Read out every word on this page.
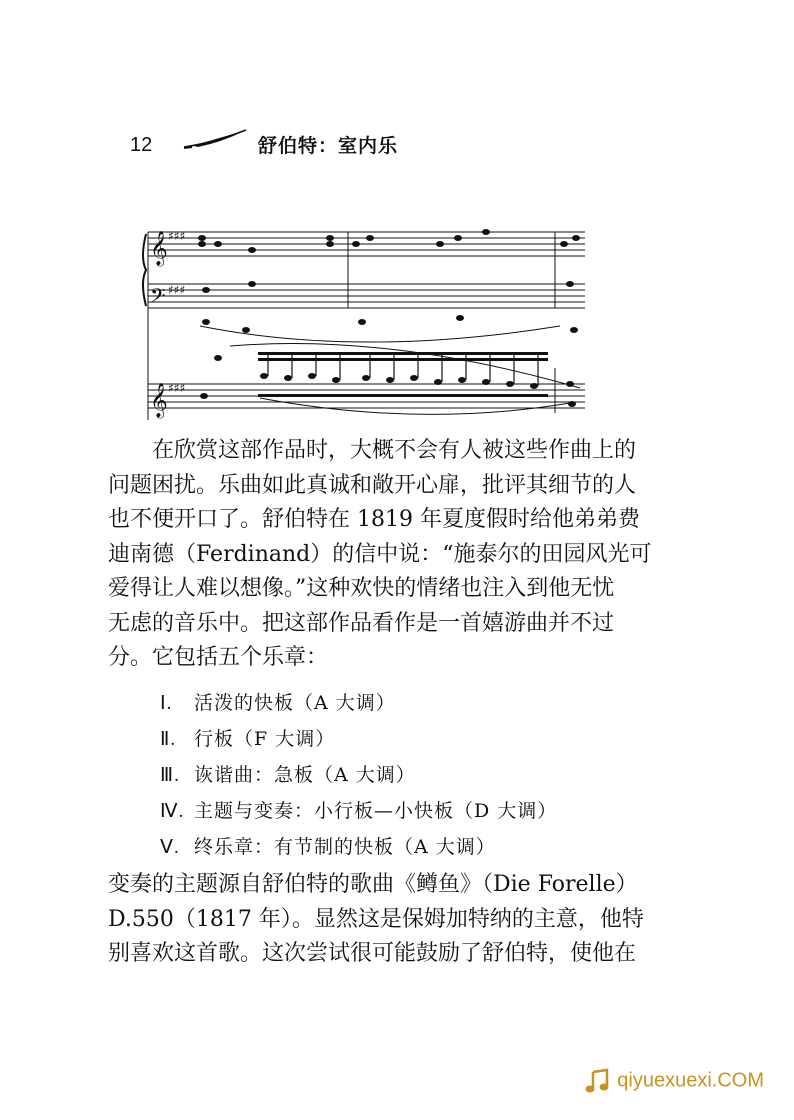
12	舒伯特：室内乐
𝄞
𝄢
𝄞
♯♯♯
♯♯♯
♯♯♯

在欣赏这部作品时，大概不会有人被这些作曲上的

问题困扰。乐曲如此真诚和敞开心扉，批评其细节的人

也不便开口了。舒伯特在 1819 年夏度假时给他弟弟费

迪南德（Ferdinand）的信中说：“施泰尔的田园风光可

爱得让人难以想像。”这种欢快的情绪也注入到他无忧

无虑的音乐中。把这部作品看作是一首嬉游曲并不过

分。它包括五个乐章：

Ⅰ. 活泼的快板（A 大调）
Ⅱ. 行板（F 大调）
Ⅲ. 诙谐曲：急板（A 大调）
Ⅳ. 主题与变奏：小行板—小快板（D 大调）
Ⅴ. 终乐章：有节制的快板（A 大调）

变奏的主题源自舒伯特的歌曲《鳟鱼》（Die Forelle）

D.550（1817 年）。显然这是保姆加特纳的主意，他特

别喜欢这首歌。这次尝试很可能鼓励了舒伯特，使他在

qiyuexuexi.COM
